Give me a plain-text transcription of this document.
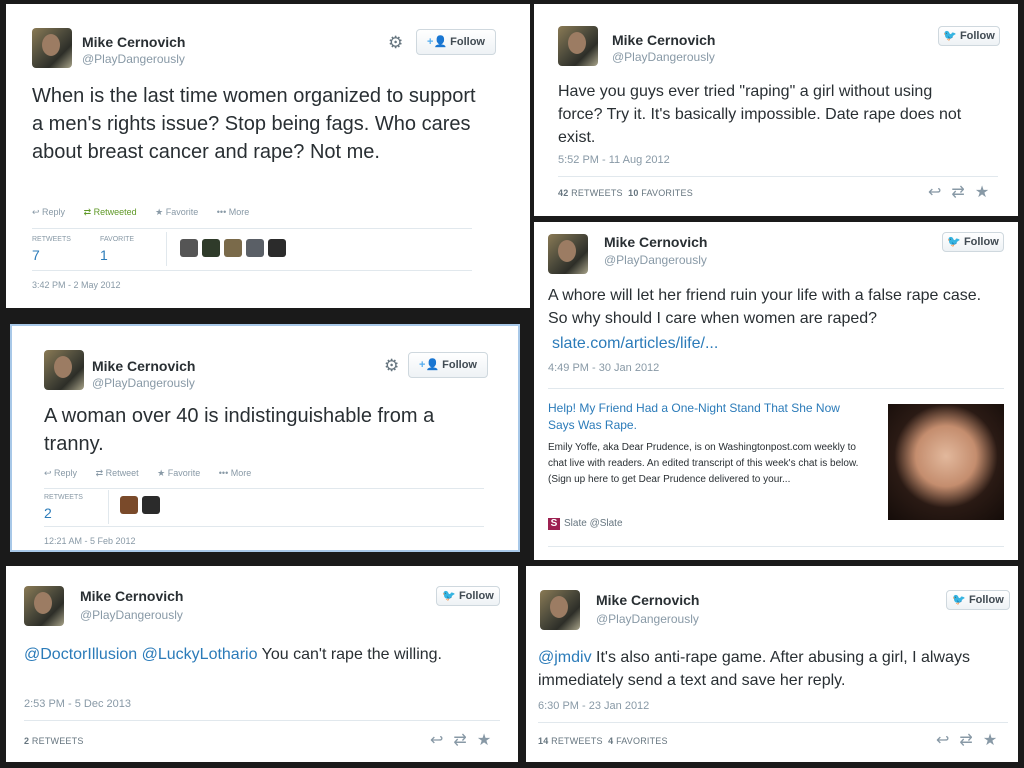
Mike Cernovich
@PlayDangerously
⚙	+👤 Follow
When is the last time women organized to support a men's rights issue? Stop being fags. Who cares about breast cancer and rape? Not me.
↩ Reply ⇄ Retweeted ★ Favorite ••• More
RETWEETS
7
FAVORITE
1
3:42 PM - 2 May 2012
Mike Cernovich
@PlayDangerously
🐦 Follow
Have you guys ever tried "raping" a girl without using force? Try it. It's basically impossible. Date rape does not exist.
5:52 PM - 11 Aug 2012
42 RETWEETS 10 FAVORITES	↩ ⇄ ★
Mike Cernovich
@PlayDangerously
🐦 Follow
A whore will let her friend ruin your life with a false rape case. So why should I care when women are raped?
slate.com/articles/life/...
4:49 PM - 30 Jan 2012
Help! My Friend Had a One-Night Stand That She Now Says Was Rape.
Emily Yoffe, aka Dear Prudence, is on Washingtonpost.com weekly to chat live with readers. An edited transcript of this week's chat is below. (Sign up here to get Dear Prudence delivered to your...
S Slate @Slate
Mike Cernovich
@PlayDangerously
⚙	+👤 Follow
A woman over 40 is indistinguishable from a tranny.
↩ Reply ⇄ Retweet ★ Favorite ••• More
RETWEETS
2
12:21 AM - 5 Feb 2012
Mike Cernovich
@PlayDangerously
🐦 Follow
@DoctorIllusion @LuckyLothario You can't rape the willing.
2:53 PM - 5 Dec 2013
2 RETWEETS	↩ ⇄ ★
Mike Cernovich
@PlayDangerously
🐦 Follow
@jmdiv It's also anti-rape game. After abusing a girl, I always immediately send a text and save her reply.
6:30 PM - 23 Jan 2012
14 RETWEETS 4 FAVORITES	↩ ⇄ ★
